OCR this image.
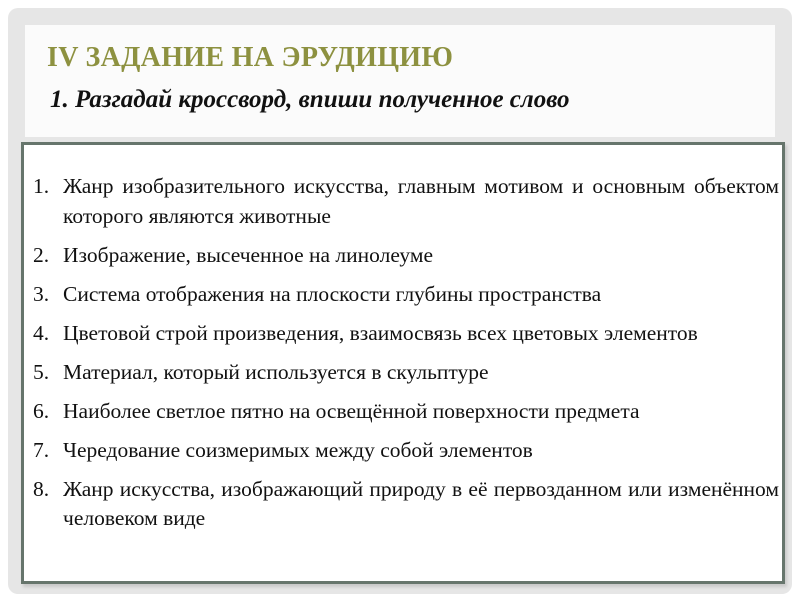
IV ЗАДАНИЕ НА ЭРУДИЦИЮ
1. Разгадай кроссворд, впиши полученное слово
1. Жанр изобразительного искусства, главным мотивом и основным объектом которого являются животные
2. Изображение, высеченное на линолеуме
3. Система отображения на плоскости глубины пространства
4. Цветовой строй произведения, взаимосвязь всех цветовых элементов
5. Материал, который используется в скульптуре
6. Наиболее светлое пятно на освещённой поверхности предмета
7. Чередование соизмеримых между собой элементов
8. Жанр искусства, изображающий природу в её первозданном или изменённом человеком виде
